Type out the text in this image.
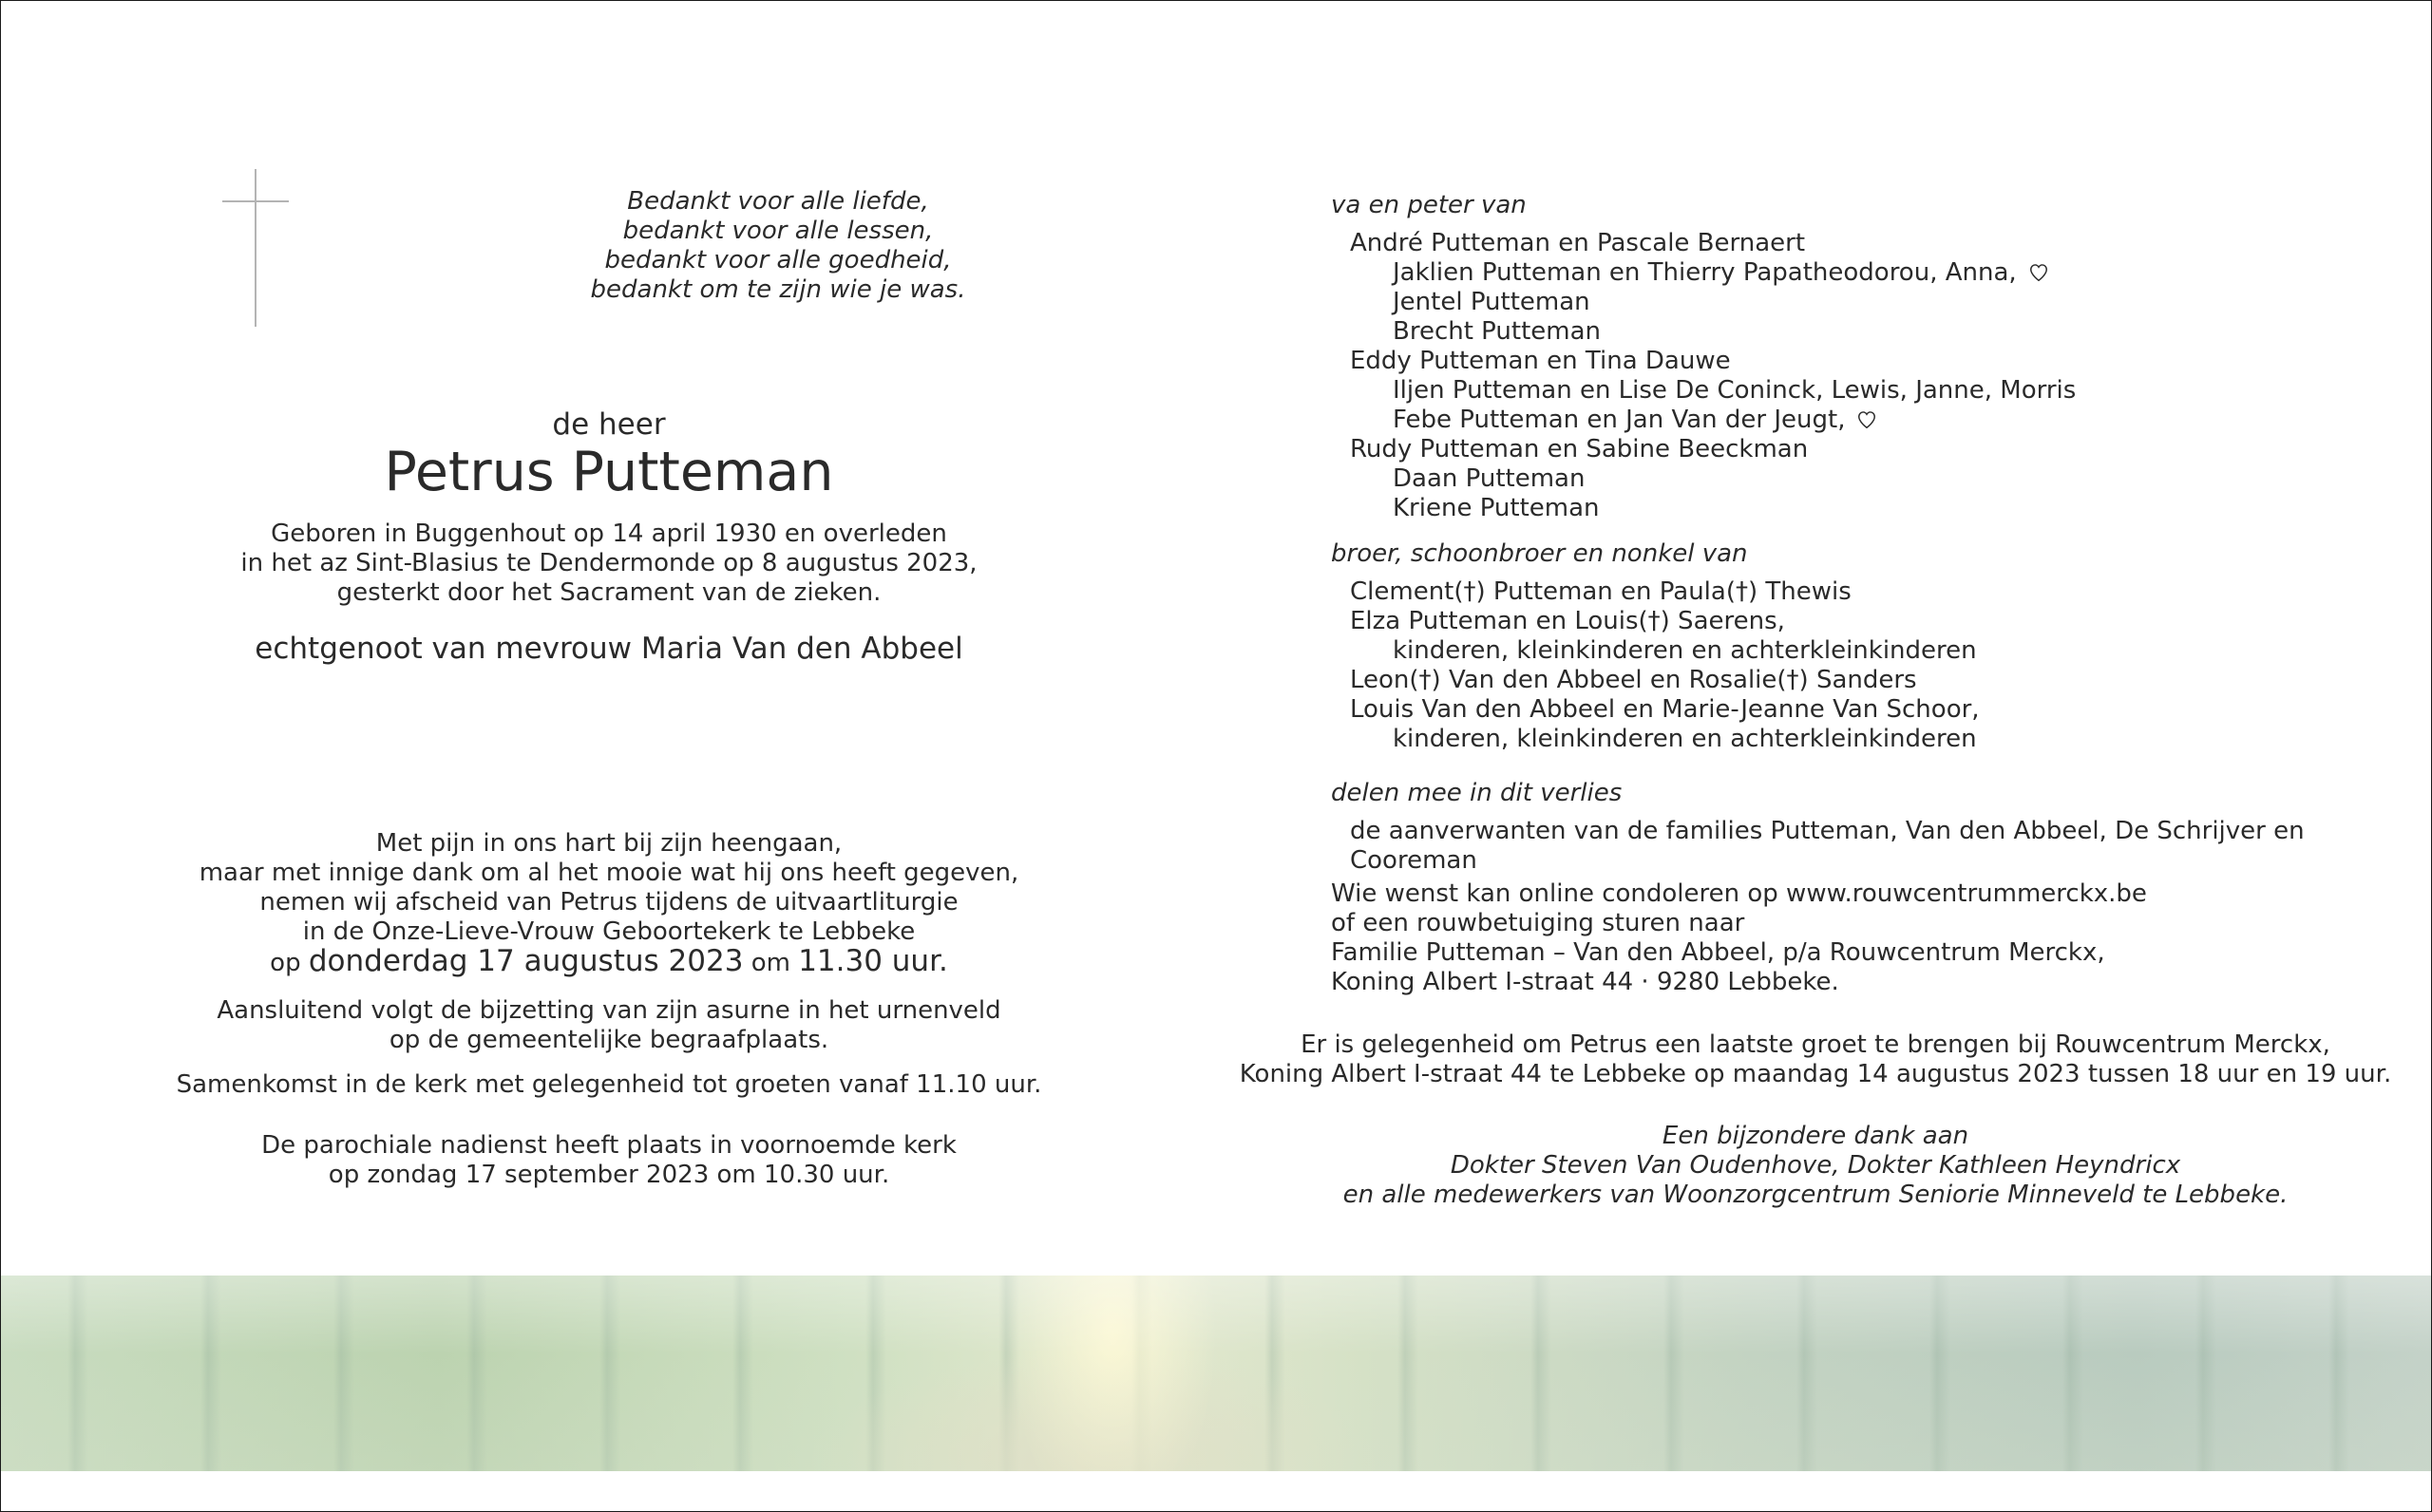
Bedankt voor alle liefde,
bedankt voor alle lessen,
bedankt voor alle goedheid,
bedankt om te zijn wie je was.
de heer
Petrus Putteman
Geboren in Buggenhout op 14 april 1930 en overleden
in het az Sint-Blasius te Dendermonde op 8 augustus 2023,
gesterkt door het Sacrament van de zieken.
echtgenoot van mevrouw Maria Van den Abbeel
Met pijn in ons hart bij zijn heengaan,
maar met innige dank om al het mooie wat hij ons heeft gegeven,
nemen wij afscheid van Petrus tijdens de uitvaartliturgie
in de Onze-Lieve-Vrouw Geboortekerk te Lebbeke
op donderdag 17 augustus 2023 om 11.30 uur.
Aansluitend volgt de bijzetting van zijn asurne in het urnenveld
op de gemeentelijke begraafplaats.
Samenkomst in de kerk met gelegenheid tot groeten vanaf 11.10 uur.
De parochiale nadienst heeft plaats in voornoemde kerk
op zondag 17 september 2023 om 10.30 uur.
va en peter van
André Putteman en Pascale Bernaert
Jaklien Putteman en Thierry Papatheodorou, Anna,
Jentel Putteman
Brecht Putteman
Eddy Putteman en Tina Dauwe
Iljen Putteman en Lise De Coninck, Lewis, Janne, Morris
Febe Putteman en Jan Van der Jeugt,
Rudy Putteman en Sabine Beeckman
Daan Putteman
Kriene Putteman
broer, schoonbroer en nonkel van
Clement(†) Putteman en Paula(†) Thewis
Elza Putteman en Louis(†) Saerens,
kinderen, kleinkinderen en achterkleinkinderen
Leon(†) Van den Abbeel en Rosalie(†) Sanders
Louis Van den Abbeel en Marie-Jeanne Van Schoor,
kinderen, kleinkinderen en achterkleinkinderen
delen mee in dit verlies
de aanverwanten van de families Putteman, Van den Abbeel, De Schrijver en Cooreman
Wie wenst kan online condoleren op www.rouwcentrummerckx.be
of een rouwbetuiging sturen naar
Familie Putteman – Van den Abbeel, p/a Rouwcentrum Merckx,
Koning Albert I-straat 44 · 9280 Lebbeke.
Er is gelegenheid om Petrus een laatste groet te brengen bij Rouwcentrum Merckx,
Koning Albert I-straat 44 te Lebbeke op maandag 14 augustus 2023 tussen 18 uur en 19 uur.
Een bijzondere dank aan
Dokter Steven Van Oudenhove, Dokter Kathleen Heyndricx
en alle medewerkers van Woonzorgcentrum Seniorie Minneveld te Lebbeke.
